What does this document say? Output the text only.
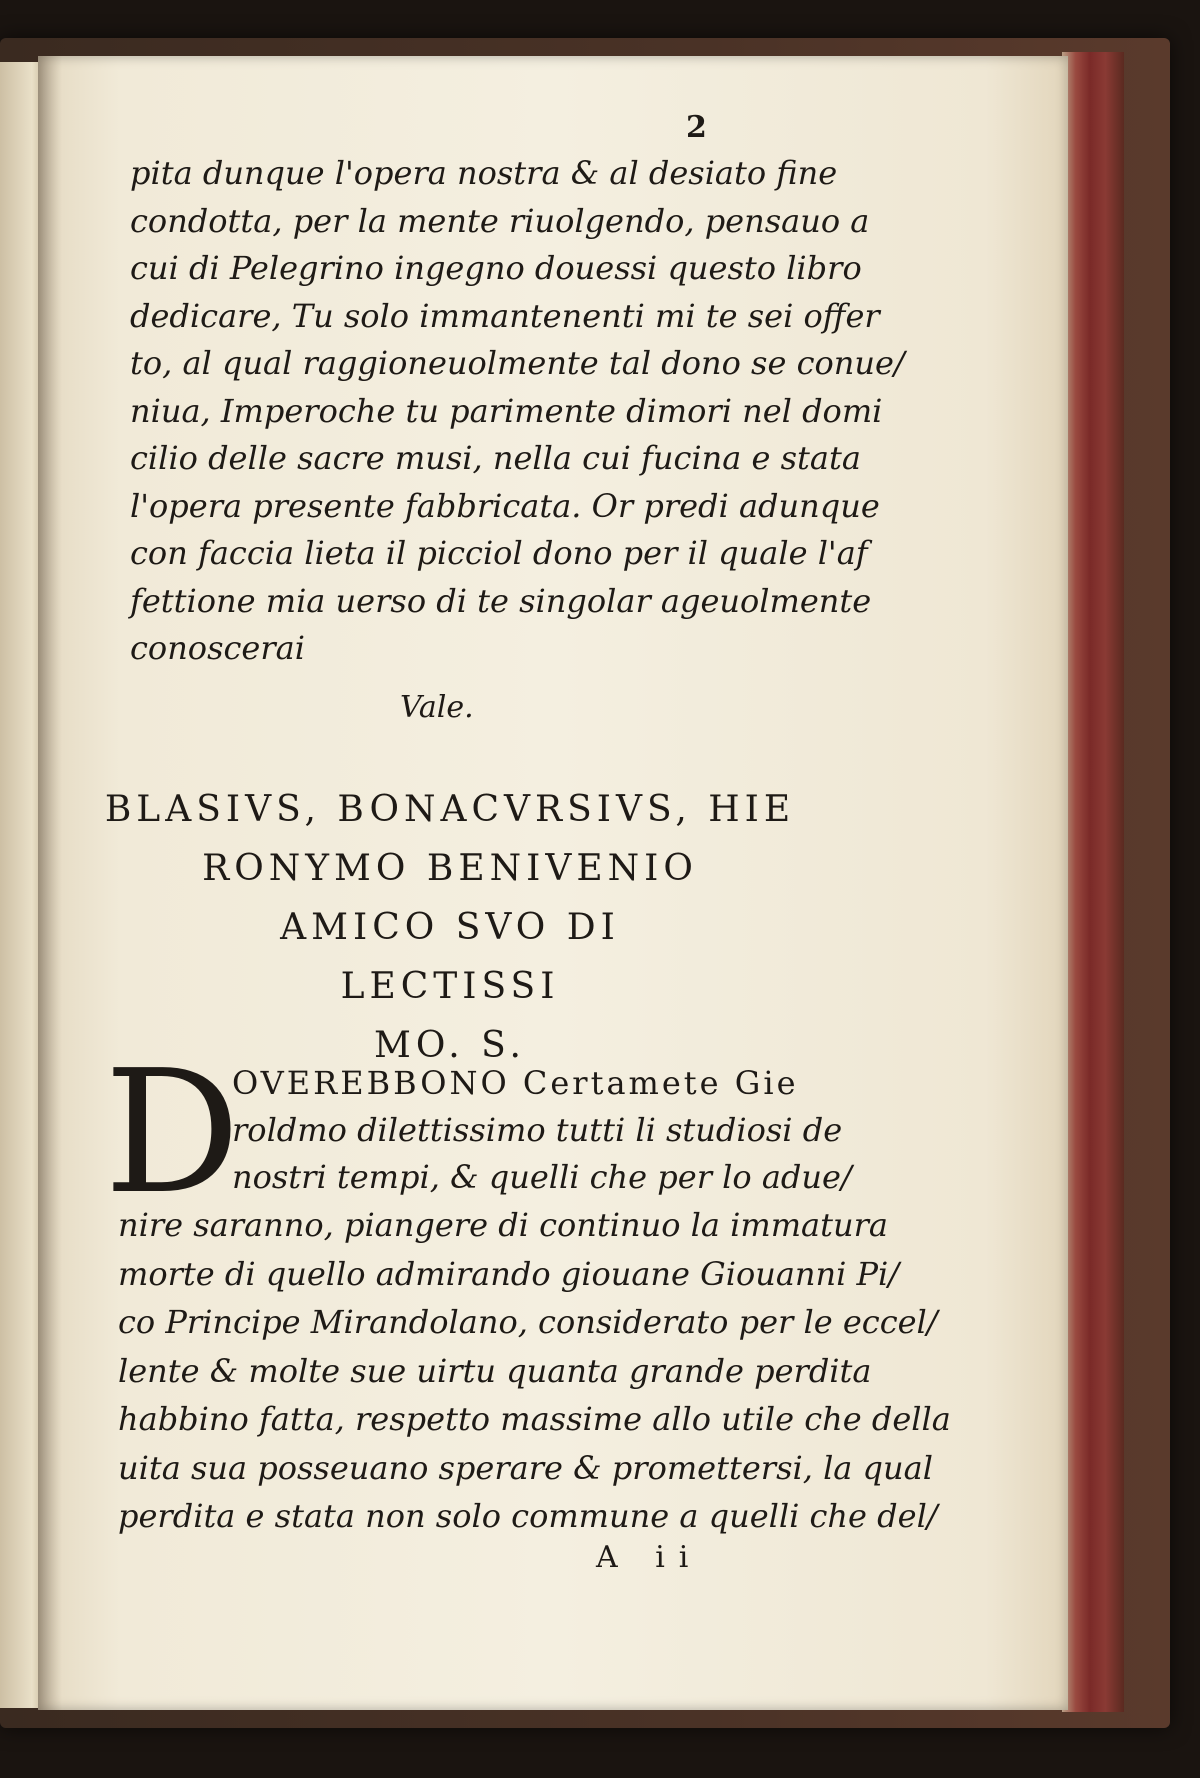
2
pita dunque l'opera nostra & al desiato fine
condotta, per la mente riuolgendo, pensauo a
cui di Pelegrino ingegno douessi questo libro
dedicare, Tu solo immantenenti mi te sei offer
to, al qual raggioneuolmente tal dono se conue/
niua, Imperoche tu parimente dimori nel domi
cilio delle sacre musi, nella cui fucina e stata
l'opera presente fabbricata. Or predi adunque
con faccia lieta il picciol dono per il quale l'af
fettione mia uerso di te singolar ageuolmente
conoscerai
Vale.
BLASIVS, BONACVRSIVS, HIE
RONYMO BENIVENIO
AMICO SVO DI
LECTISSI
MO. S.
D
OVEREBBONO Certamete Gie
roldmo dilettissimo tutti li studiosi de
nostri tempi, & quelli che per lo adue/
nire saranno, piangere di continuo la immatura
morte di quello admirando giouane Giouanni Pi/
co Principe Mirandolano, considerato per le eccel/
lente & molte sue uirtu quanta grande perdita
habbino fatta, respetto massime allo utile che della
uita sua posseuano sperare & promettersi, la qual
perdita e stata non solo commune a quelli che del/
A ii
